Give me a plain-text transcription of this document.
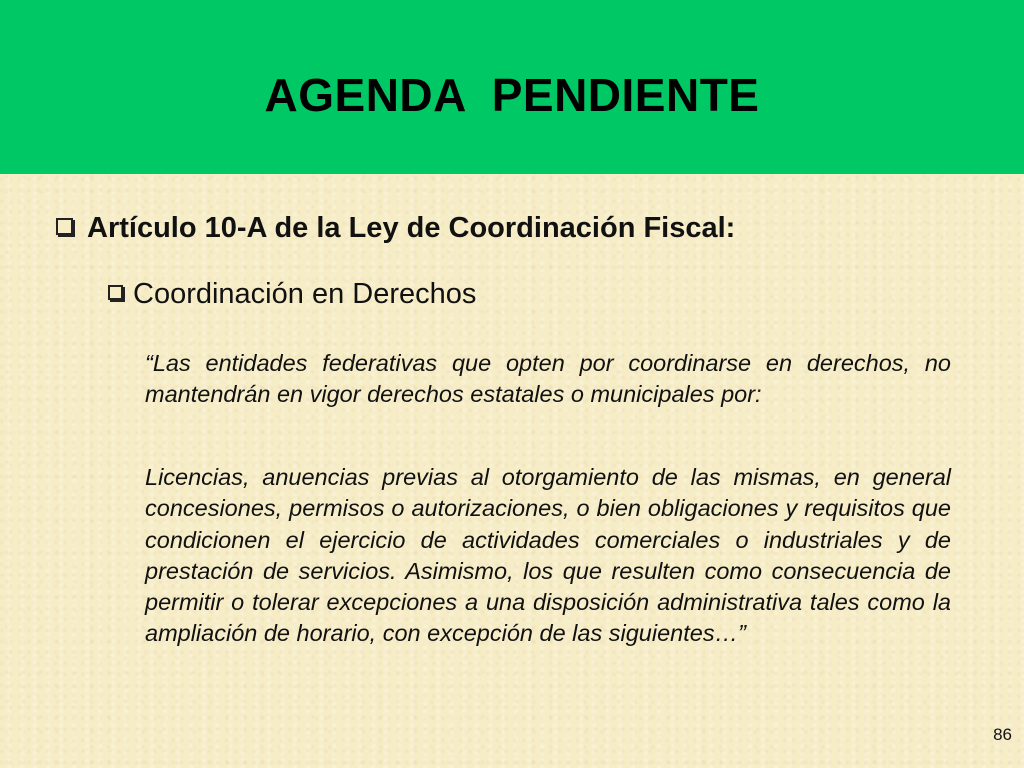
AGENDA  PENDIENTE
Artículo 10-A de la Ley de Coordinación Fiscal:
Coordinación en Derechos
“Las entidades federativas que opten por coordinarse en derechos, no mantendrán en vigor derechos estatales o municipales por:
Licencias, anuencias previas al otorgamiento de las mismas, en general concesiones, permisos o autorizaciones, o bien obligaciones y requisitos que condicionen el ejercicio de actividades comerciales o industriales y de prestación de servicios. Asimismo, los que resulten como consecuencia de permitir o tolerar excepciones a una disposición administrativa tales como la ampliación de horario, con excepción de las siguientes…”
86
